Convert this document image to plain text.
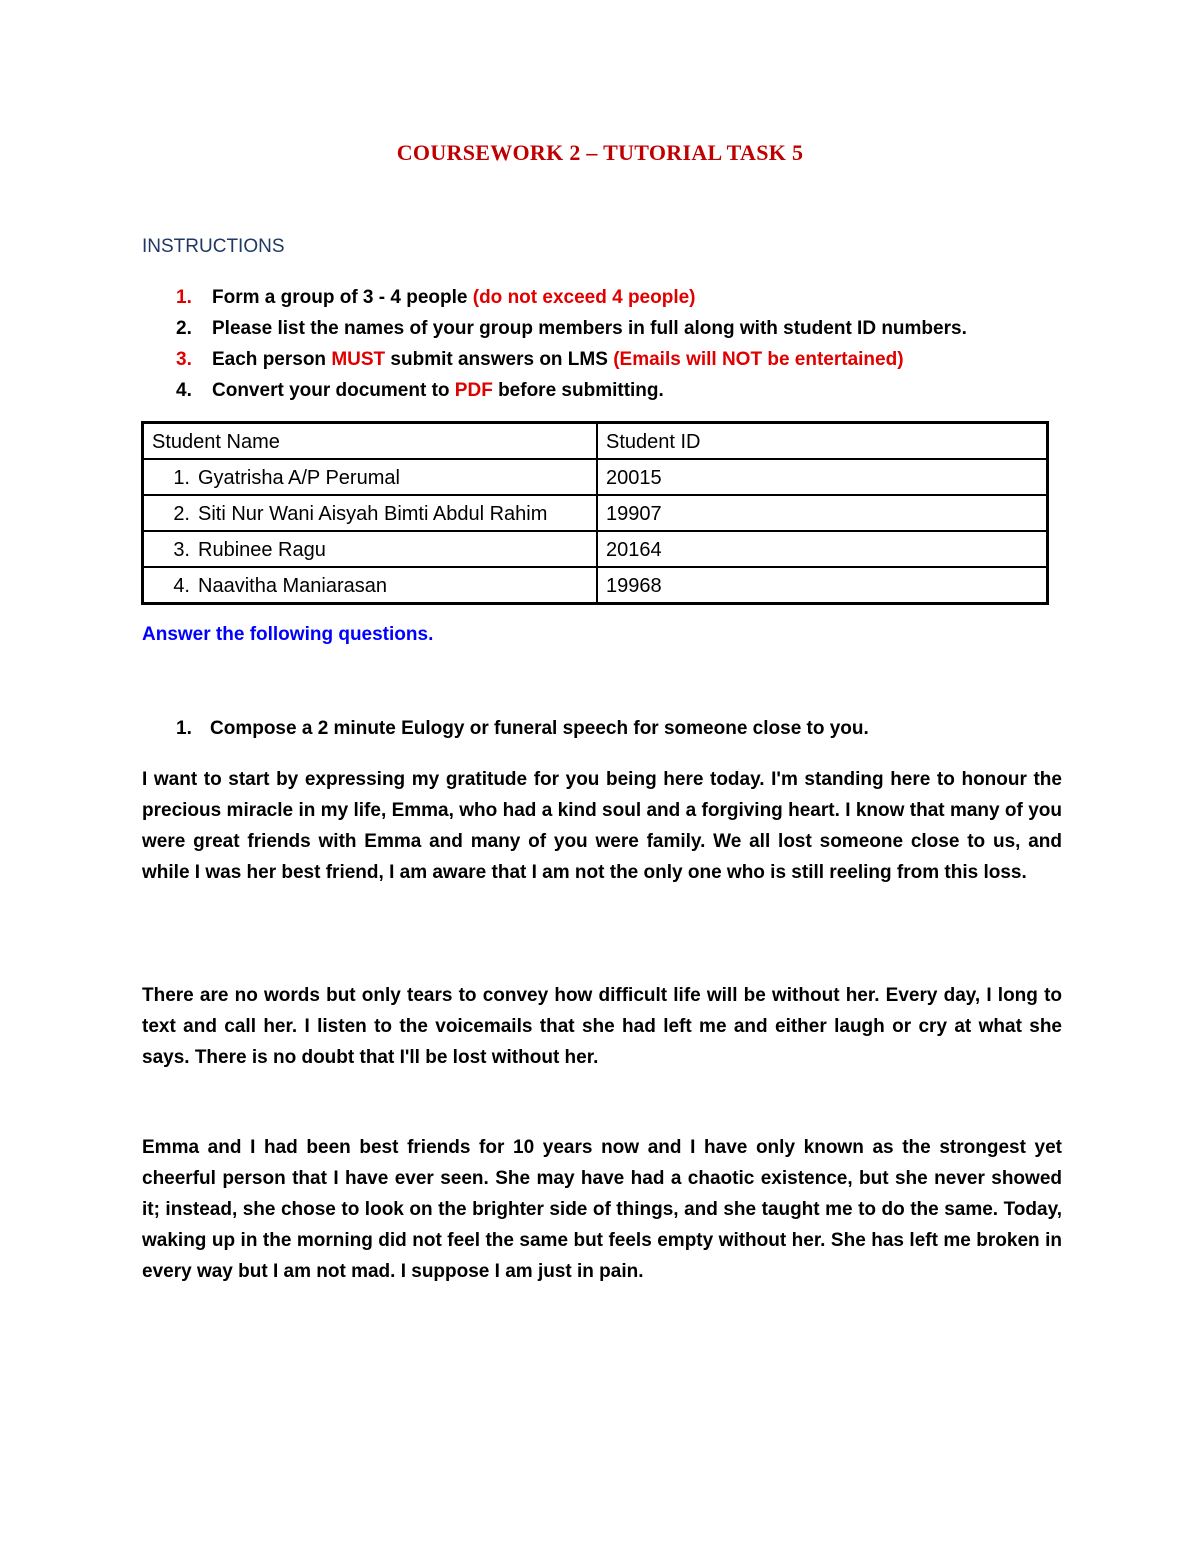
COURSEWORK 2 – TUTORIAL TASK 5
INSTRUCTIONS
1. Form a group of 3 - 4 people (do not exceed 4 people)
2. Please list the names of your group members in full along with student ID numbers.
3. Each person MUST submit answers on LMS (Emails will NOT be entertained)
4. Convert your document to PDF before submitting.
Student Name	Student ID
1. Gyatrisha A/P Perumal	20015
2. Siti Nur Wani Aisyah Bimti Abdul Rahim	19907
3. Rubinee Ragu	20164
4. Naavitha Maniarasan	19968
Answer the following questions.
1. Compose a 2 minute Eulogy or funeral speech for someone close to you.
I want to start by expressing my gratitude for you being here today. I'm standing here to honour the precious miracle in my life, Emma, who had a kind soul and a forgiving heart. I know that many of you were great friends with Emma and many of you were family. We all lost someone close to us, and while I was her best friend, I am aware that I am not the only one who is still reeling from this loss.
There are no words but only tears to convey how difficult life will be without her. Every day, I long to text and call her. I listen to the voicemails that she had left me and either laugh or cry at what she says. There is no doubt that I'll be lost without her.
Emma and I had been best friends for 10 years now and I have only known as the strongest yet cheerful person that I have ever seen. She may have had a chaotic existence, but she never showed it; instead, she chose to look on the brighter side of things, and she taught me to do the same. Today, waking up in the morning did not feel the same but feels empty without her. She has left me broken in every way but I am not mad. I suppose I am just in pain.
